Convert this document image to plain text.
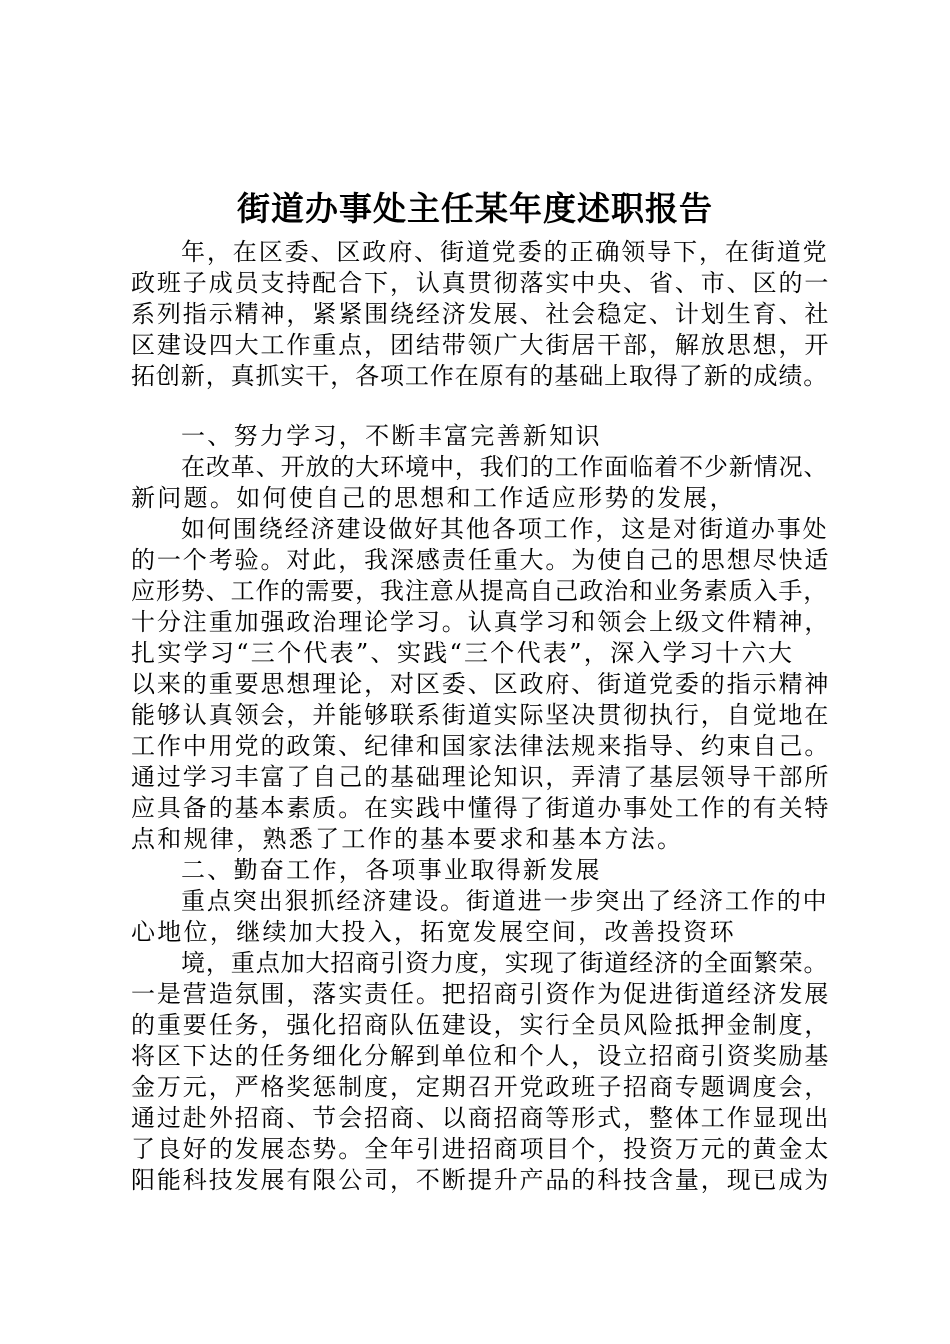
街道办事处主任某年度述职报告
年，在区委、区政府、街道党委的正确领导下，在街道党
政班子成员支持配合下，认真贯彻落实中央、省、市、区的一
系列指示精神，紧紧围绕经济发展、社会稳定、计划生育、社
区建设四大工作重点，团结带领广大街居干部，解放思想，开
拓创新，真抓实干，各项工作在原有的基础上取得了新的成绩。
一、努力学习，不断丰富完善新知识
在改革、开放的大环境中，我们的工作面临着不少新情况、
新问题。如何使自己的思想和工作适应形势的发展，
如何围绕经济建设做好其他各项工作，这是对街道办事处
的一个考验。对此，我深感责任重大。为使自己的思想尽快适
应形势、工作的需要，我注意从提高自己政治和业务素质入手，
十分注重加强政治理论学习。认真学习和领会上级文件精神，
扎实学习“三个代表”、实践“三个代表”，深入学习十六大
以来的重要思想理论，对区委、区政府、街道党委的指示精神
能够认真领会，并能够联系街道实际坚决贯彻执行，自觉地在
工作中用党的政策、纪律和国家法律法规来指导、约束自己。
通过学习丰富了自己的基础理论知识，弄清了基层领导干部所
应具备的基本素质。在实践中懂得了街道办事处工作的有关特
点和规律，熟悉了工作的基本要求和基本方法。
二、勤奋工作，各项事业取得新发展
重点突出狠抓经济建设。街道进一步突出了经济工作的中
心地位，继续加大投入，拓宽发展空间，改善投资环
境，重点加大招商引资力度，实现了街道经济的全面繁荣。
一是营造氛围，落实责任。把招商引资作为促进街道经济发展
的重要任务，强化招商队伍建设，实行全员风险抵押金制度，
将区下达的任务细化分解到单位和个人，设立招商引资奖励基
金万元，严格奖惩制度，定期召开党政班子招商专题调度会，
通过赴外招商、节会招商、以商招商等形式，整体工作显现出
了良好的发展态势。全年引进招商项目个，投资万元的黄金太
阳能科技发展有限公司，不断提升产品的科技含量，现已成为
